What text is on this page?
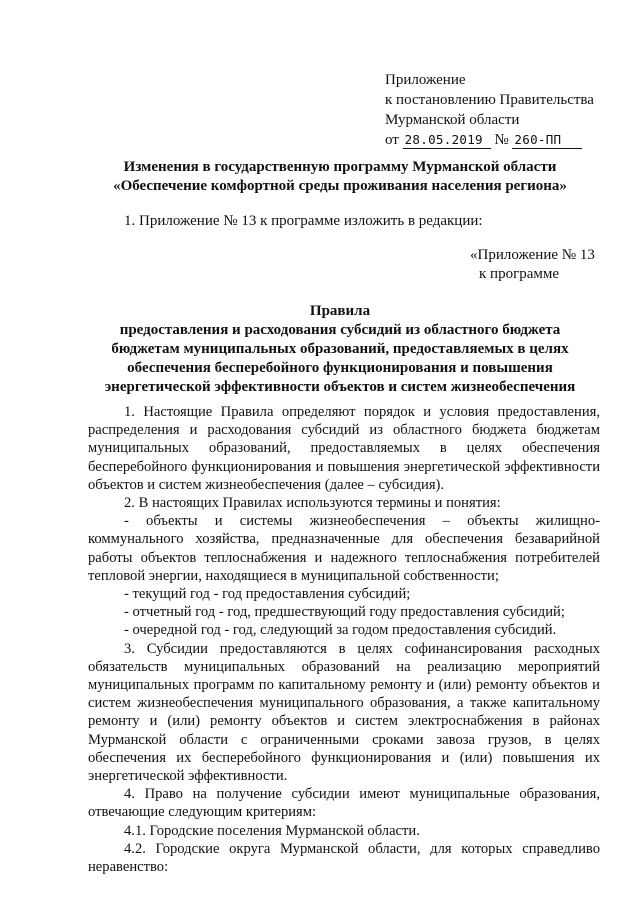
Приложение
к постановлению Правительства
Мурманской области
от 28.05.2019 № 260-ПП
Изменения в государственную программу Мурманской области
«Обеспечение комфортной среды проживания населения региона»
1. Приложение № 13 к программе изложить в редакции:
«Приложение № 13
к программе
Правила
предоставления и расходования субсидий из областного бюджета
бюджетам муниципальных образований, предоставляемых в целях
обеспечения бесперебойного функционирования и повышения
энергетической эффективности объектов и систем жизнеобеспечения

1. Настоящие Правила определяют порядок и условия предоставления, распределения и расходования субсидий из областного бюджета бюджетам муниципальных образований, предоставляемых в целях обеспечения бесперебойного функционирования и повышения энергетической эффективности объектов и систем жизнеобеспечения (далее – субсидия).

2. В настоящих Правилах используются термины и понятия:

- объекты и системы жизнеобеспечения – объекты жилищно-коммунального хозяйства, предназначенные для обеспечения безаварийной работы объектов теплоснабжения и надежного теплоснабжения потребителей тепловой энергии, находящиеся в муниципальной собственности;

- текущий год - год предоставления субсидий;

- отчетный год - год, предшествующий году предоставления субсидий;

- очередной год - год, следующий за годом предоставления субсидий.

3. Субсидии предоставляются в целях софинансирования расходных обязательств муниципальных образований на реализацию мероприятий муниципальных программ по капитальному ремонту и (или) ремонту объектов и систем жизнеобеспечения муниципального образования, а также капитальному ремонту и (или) ремонту объектов и систем электроснабжения в районах Мурманской области с ограниченными сроками завоза грузов, в целях обеспечения их бесперебойного функционирования и (или) повышения их энергетической эффективности.

4. Право на получение субсидии имеют муниципальные образования, отвечающие следующим критериям:

4.1. Городские поселения Мурманской области.

4.2. Городские округа Мурманской области, для которых справедливо неравенство:
